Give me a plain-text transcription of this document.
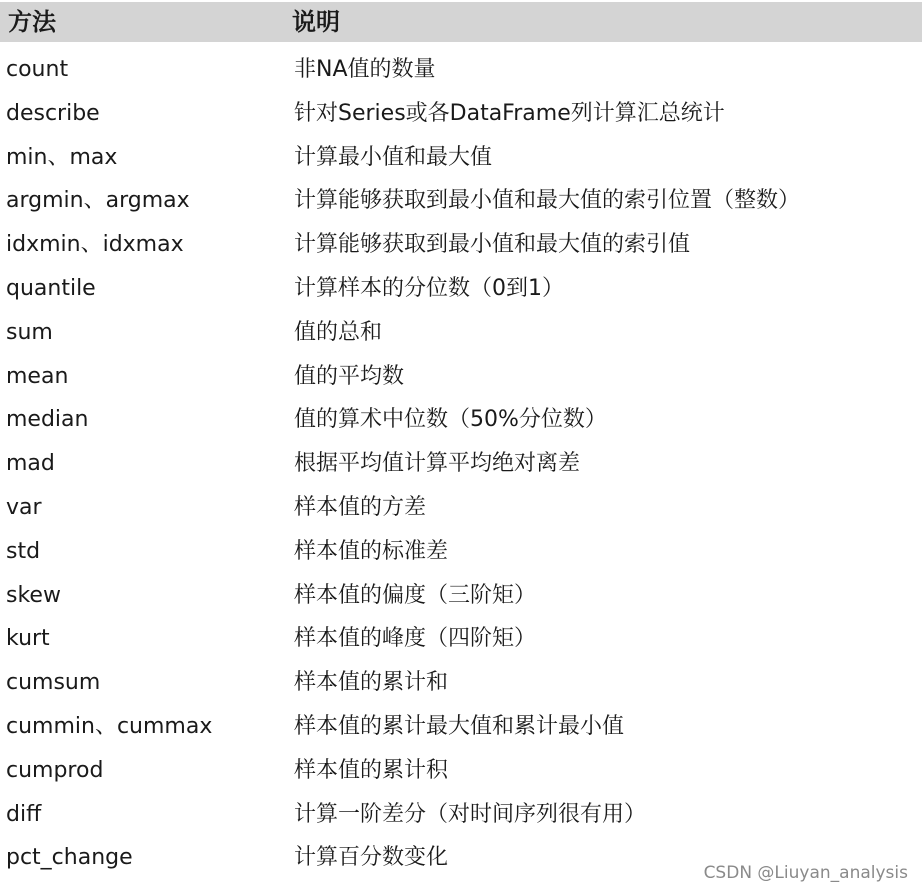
方法	说明
count	非NA值的数量
describe	针对Series或各DataFrame列计算汇总统计
min、max	计算最小值和最大值
argmin、argmax	计算能够获取到最小值和最大值的索引位置（整数）
idxmin、idxmax	计算能够获取到最小值和最大值的索引值
quantile	计算样本的分位数（0到1）
sum	值的总和
mean	值的平均数
median	值的算术中位数（50%分位数）
mad	根据平均值计算平均绝对离差
var	样本值的方差
std	样本值的标准差
skew	样本值的偏度（三阶矩）
kurt	样本值的峰度（四阶矩）
cumsum	样本值的累计和
cummin、cummax	样本值的累计最大值和累计最小值
cumprod	样本值的累计积
diff	计算一阶差分（对时间序列很有用）
pct_change	计算百分数变化
CSDN @Liuyan_analysis
